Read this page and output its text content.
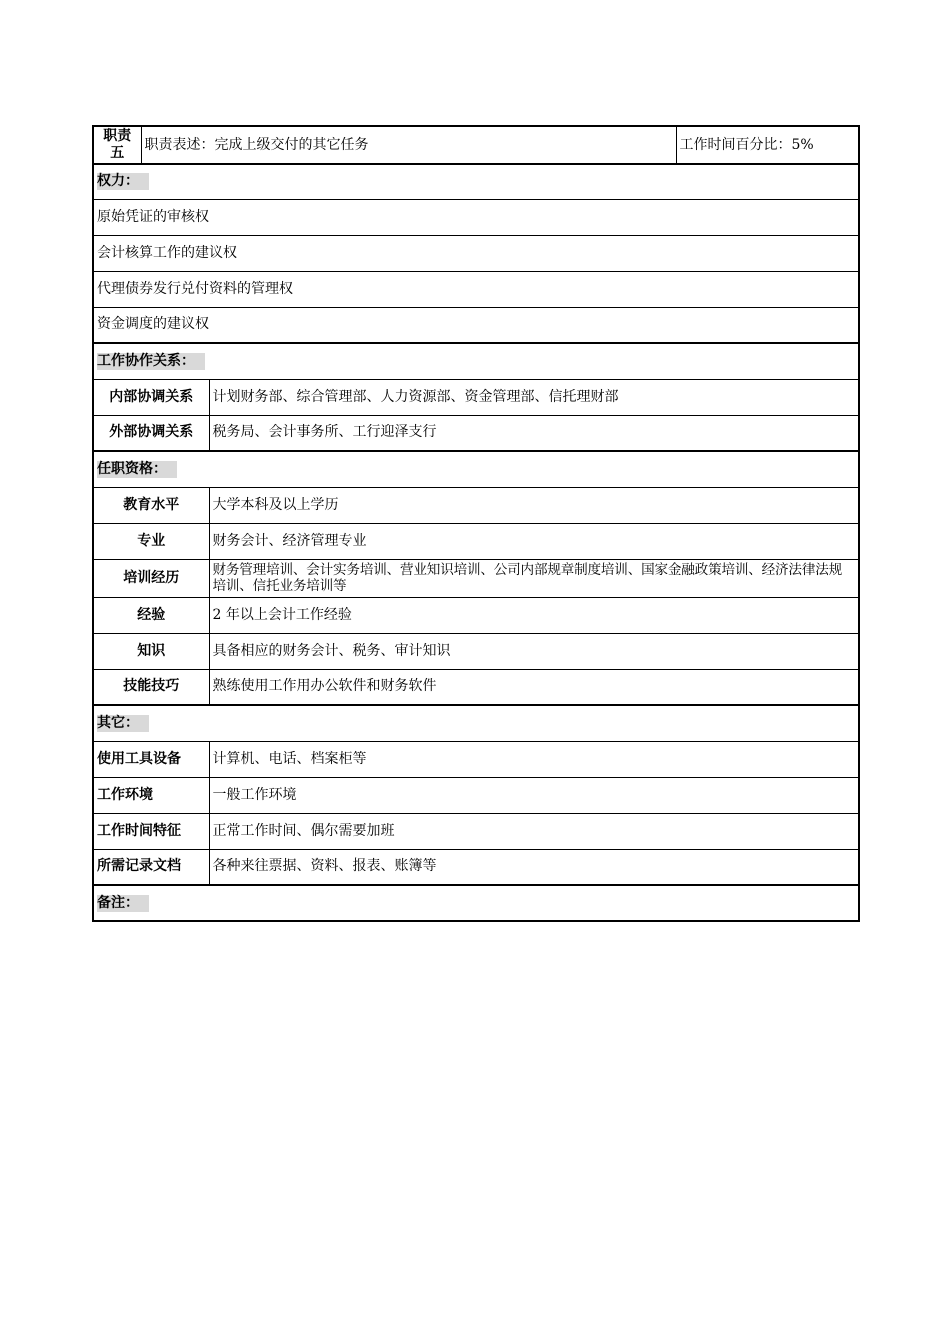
职责
五	职责表述：完成上级交付的其它任务		工作时间百分比：5%
权力：			
原始凭证的审核权			
会计核算工作的建议权			
代理债券发行兑付资料的管理权			
资金调度的建议权			
工作协作关系：			
内部协调关系		计划财务部、综合管理部、人力资源部、资金管理部、信托理财部	
外部协调关系		税务局、会计事务所、工行迎泽支行	
任职资格：			
教育水平		大学本科及以上学历	
专业		财务会计、经济管理专业	
培训经历		财务管理培训、会计实务培训、营业知识培训、公司内部规章制度培训、国家金融政策培训、经济法律法规培训、信托业务培训等	
经验		2 年以上会计工作经验	
知识		具备相应的财务会计、税务、审计知识	
技能技巧		熟练使用工作用办公软件和财务软件	
其它：			
使用工具设备		计算机、电话、档案柜等	
工作环境		一般工作环境	
工作时间特征		正常工作时间、偶尔需要加班	
所需记录文档		各种来往票据、资料、报表、账簿等	
备注：			
